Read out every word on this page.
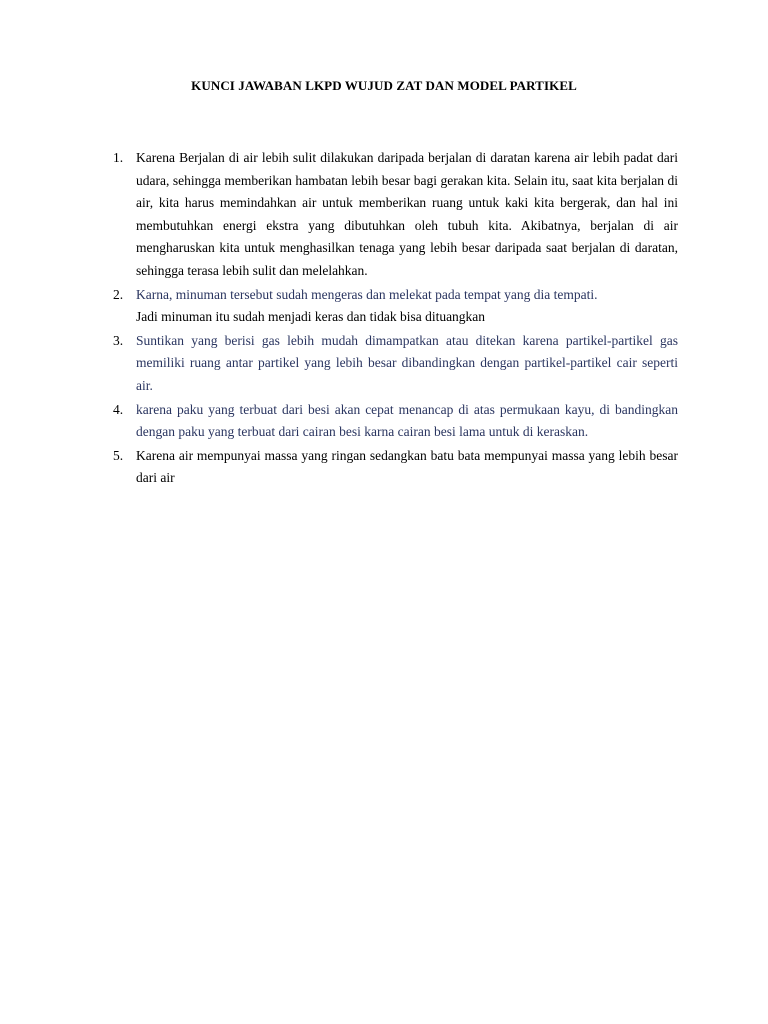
KUNCI JAWABAN LKPD WUJUD ZAT DAN MODEL PARTIKEL
1. Karena Berjalan di air lebih sulit dilakukan daripada berjalan di daratan karena air lebih padat dari udara, sehingga memberikan hambatan lebih besar bagi gerakan kita. Selain itu, saat kita berjalan di air, kita harus memindahkan air untuk memberikan ruang untuk kaki kita bergerak, dan hal ini membutuhkan energi ekstra yang dibutuhkan oleh tubuh kita. Akibatnya, berjalan di air mengharuskan kita untuk menghasilkan tenaga yang lebih besar daripada saat berjalan di daratan, sehingga terasa lebih sulit dan melelahkan.

2. Karna, minuman tersebut sudah mengeras dan melekat pada tempat yang dia tempati.
Jadi minuman itu sudah menjadi keras dan tidak bisa dituangkan

3. Suntikan yang berisi gas lebih mudah dimampatkan atau ditekan karena partikel-partikel gas memiliki ruang antar partikel yang lebih besar dibandingkan dengan partikel-partikel cair seperti air.

4. karena paku yang terbuat dari besi akan cepat menancap di atas permukaan kayu, di bandingkan dengan paku yang terbuat dari cairan besi karna cairan besi lama untuk di keraskan.

5. Karena air mempunyai massa yang ringan sedangkan batu bata mempunyai massa yang lebih besar dari air
